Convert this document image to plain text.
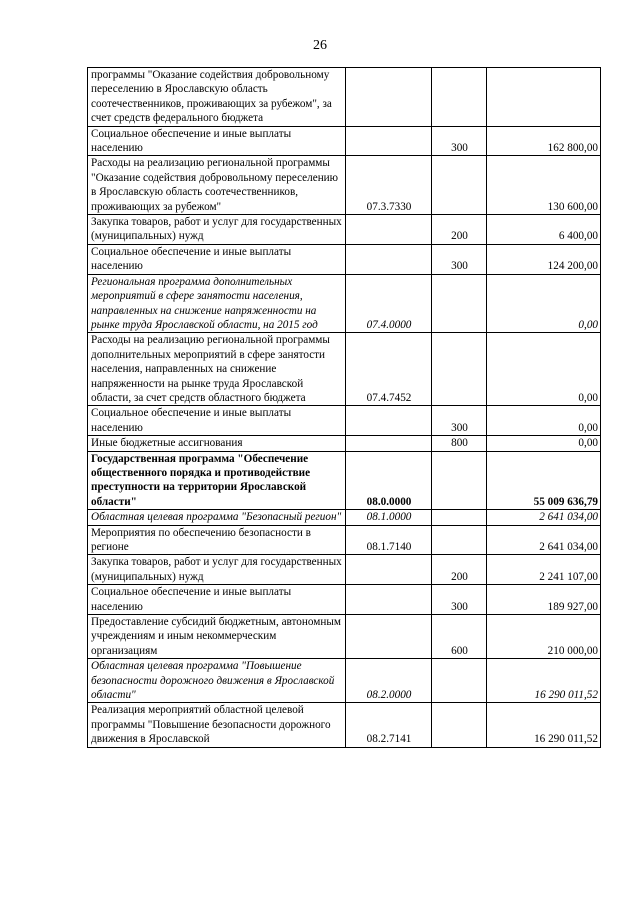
26
программы "Оказание содействия добровольному переселению в Ярославскую область соотечественников, проживающих за рубежом", за счет средств федерального бюджета			
Социальное обеспечение и иные выплаты населению		300	162 800,00
Расходы на реализацию региональной программы "Оказание содействия добровольному переселению в Ярославскую область соотечественников, проживающих за рубежом"	07.3.7330		130 600,00
Закупка товаров, работ и услуг для государственных (муниципальных) нужд		200	6 400,00
Социальное обеспечение и иные выплаты населению		300	124 200,00
Региональная программа дополнительных мероприятий в сфере занятости населения, направленных на снижение напряженности на рынке труда Ярославской области, на 2015 год	07.4.0000		0,00
Расходы на реализацию региональной программы дополнительных мероприятий в сфере занятости населения, направленных на снижение напряженности на рынке труда Ярославской области, за счет средств областного бюджета	07.4.7452		0,00
Социальное обеспечение и иные выплаты населению		300	0,00
Иные бюджетные ассигнования		800	0,00
Государственная программа "Обеспечение общественного порядка и противодействие преступности на территории Ярославской области"	08.0.0000		55 009 636,79
Областная целевая программа "Безопасный регион"	08.1.0000		2 641 034,00
Мероприятия по обеспечению безопасности в регионе	08.1.7140		2 641 034,00
Закупка товаров, работ и услуг для государственных (муниципальных) нужд		200	2 241 107,00
Социальное обеспечение и иные выплаты населению		300	189 927,00
Предоставление субсидий бюджетным, автономным учреждениям и иным некоммерческим организациям		600	210 000,00
Областная целевая программа "Повышение безопасности дорожного движения в Ярославской области"	08.2.0000		16 290 011,52
Реализация мероприятий областной целевой программы "Повышение безопасности дорожного движения в Ярославской	08.2.7141		16 290 011,52
